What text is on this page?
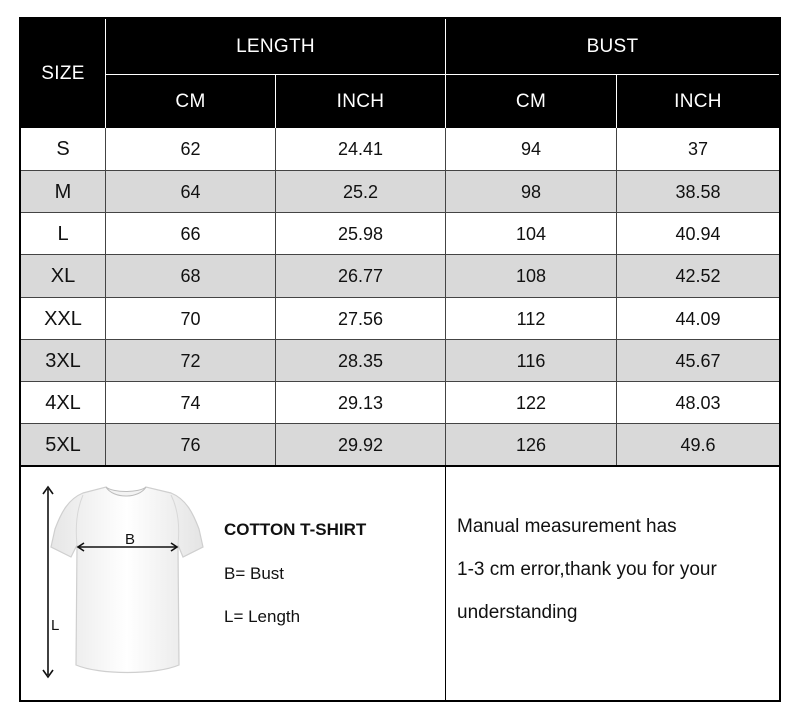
SIZE
LENGTH	BUST
CM	INCH	CM	INCH
S	62	24.41	94	37
M	64	25.2	98	38.58
L	66	25.98	104	40.94
XL	68	26.77	108	42.52
XXL	70	27.56	112	44.09
3XL	72	28.35	116	45.67
4XL	74	29.13	122	48.03
5XL	76	29.92	126	49.6
B
L
COTTON T-SHIRT
B= Bust
L= Length
Manual measurement has
1-3 cm error,thank you for your
understanding
